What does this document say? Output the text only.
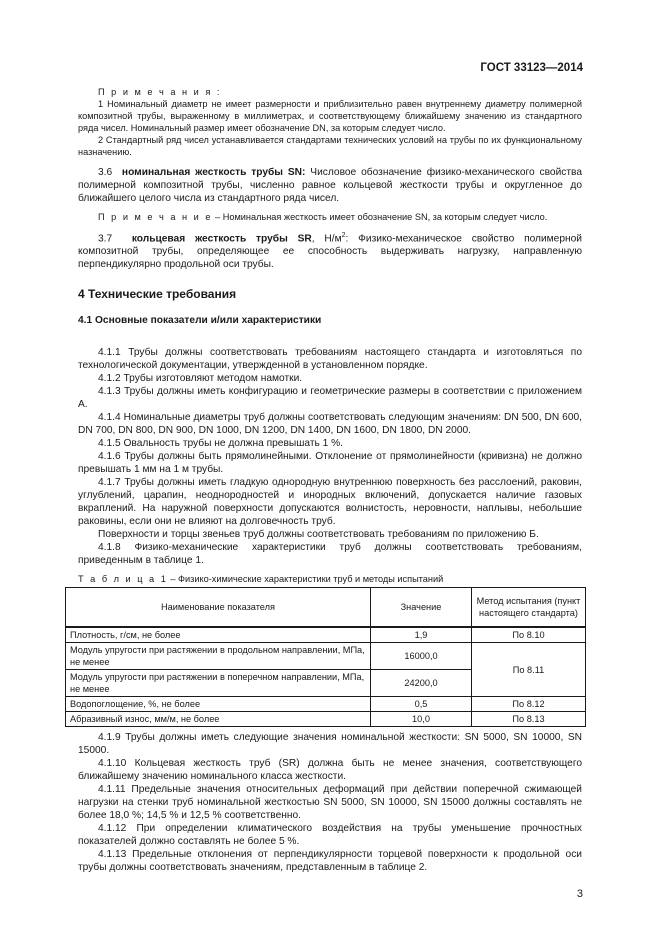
ГОСТ 33123—2014

П р и м е ч а н и я :

1 Номинальный диаметр не имеет размерности и приблизительно равен внутреннему диаметру полимерной композитной трубы, выраженному в миллиметрах, и соответствующему ближайшему значению из стандартного ряда чисел. Номинальный размер имеет обозначение DN, за которым следует число.

2 Стандартный ряд чисел устанавливается стандартами технических условий на трубы по их функциональному назначению.

3.6 номинальная жесткость трубы SN: Числовое обозначение физико-механического свойства полимерной композитной трубы, численно равное кольцевой жесткости трубы и округленное до ближайшего целого числа из стандартного ряда чисел.

П р и м е ч а н и е – Номинальная жесткость имеет обозначение SN, за которым следует число.

3.7 кольцевая жесткость трубы SR, $Н/м^2$: Физико-механическое свойство полимерной композитной трубы, определяющее ее способность выдерживать нагрузку, направленную перпендикулярно продольной оси трубы.

4 Технические требования
4.1 Основные показатели и/или характеристики

4.1.1 Трубы должны соответствовать требованиям настоящего стандарта и изготовляться по технологической документации, утвержденной в установленном порядке.

4.1.2 Трубы изготовляют методом намотки.

4.1.3 Трубы должны иметь конфигурацию и геометрические размеры в соответствии с приложением А.

4.1.4 Номинальные диаметры труб должны соответствовать следующим значениям: DN 500, DN 600, DN 700, DN 800, DN 900, DN 1000, DN 1200, DN 1400, DN 1600, DN 1800, DN 2000.

4.1.5 Овальность трубы не должна превышать 1 %.

4.1.6 Трубы должны быть прямолинейными. Отклонение от прямолинейности (кривизна) не должно превышать 1 мм на 1 м трубы.

4.1.7 Трубы должны иметь гладкую однородную внутреннюю поверхность без расслоений, раковин, углублений, царапин, неоднородностей и инородных включений, допускается наличие газовых вкраплений. На наружной поверхности допускаются волнистость, неровности, наплывы, небольшие раковины, если они не влияют на долговечность труб.

Поверхности и торцы звеньев труб должны соответствовать требованиям по приложению Б.

4.1.8 Физико-механические характеристики труб должны соответствовать требованиям, приведенным в таблице 1.

Т а б л и ц а 1 – Физико-химические характеристики труб и методы испытаний

Наименование показателя	Значение	Метод испытания (пункт настоящего стандарта)
Плотность, г/см, не более	1,9	По 8.10
Модуль упругости при растяжении в продольном направлении, МПа, не менее	16000,0	По 8.11
Модуль упругости при растяжении в поперечном направлении, МПа, не менее	24200,0	
Водопоглощение, %, не более	0,5	По 8.12
Абразивный износ, мм/м, не более	10,0	По 8.13

4.1.9 Трубы должны иметь следующие значения номинальной жесткости: SN 5000, SN 10000, SN 15000.

4.1.10 Кольцевая жесткость труб (SR) должна быть не менее значения, соответствующего ближайшему значению номинального класса жесткости.

4.1.11 Предельные значения относительных деформаций при действии поперечной сжимающей нагрузки на стенки труб номинальной жесткостью SN 5000, SN 10000, SN 15000 должны составлять не более 18,0 %; 14,5 % и 12,5 % соответственно.

4.1.12 При определении климатического воздействия на трубы уменьшение прочностных показателей должно составлять не более 5 %.

4.1.13 Предельные отклонения от перпендикулярности торцевой поверхности к продольной оси трубы должны соответствовать значениям, представленным в таблице 2.

3
